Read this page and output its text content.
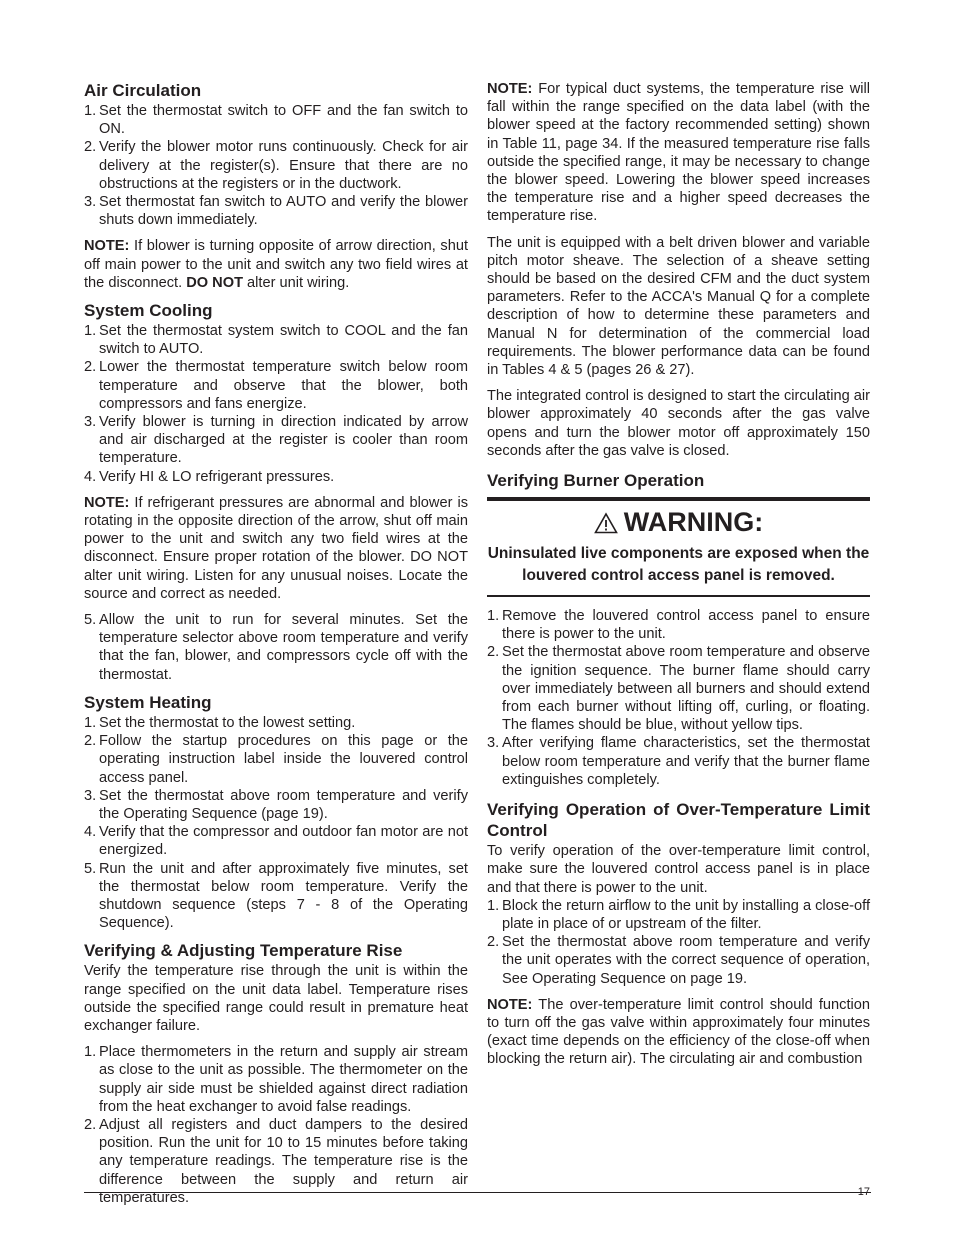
Air Circulation
1. Set the thermostat switch to OFF and the fan switch to ON.
2. Verify the blower motor runs continuously. Check for air delivery at the register(s). Ensure that there are no obstructions at the registers or in the ductwork.
3. Set thermostat fan switch to AUTO and verify the blower shuts down immediately.

NOTE: If blower is turning opposite of arrow direction, shut off main power to the unit and switch any two field wires at the disconnect. DO NOT alter unit wiring.

System Cooling
1. Set the thermostat system switch to COOL and the fan switch to AUTO.
2. Lower the thermostat temperature switch below room temperature and observe that the blower, both compressors and fans energize.
3. Verify blower is turning in direction indicated by arrow and air discharged at the register is cooler than room temperature.
4. Verify HI & LO refrigerant pressures.

NOTE: If refrigerant pressures are abnormal and blower is rotating in the opposite direction of the arrow, shut off main power to the unit and switch any two field wires at the disconnect. Ensure proper rotation of the blower. DO NOT alter unit wiring. Listen for any unusual noises. Locate the source and correct as needed.

5. Allow the unit to run for several minutes. Set the temperature selector above room temperature and verify that the fan, blower, and compressors cycle off with the thermostat.
System Heating
1. Set the thermostat to the lowest setting.
2. Follow the startup procedures on this page or the operating instruction label inside the louvered control access panel.
3. Set the thermostat above room temperature and verify the Operating Sequence (page 19).
4. Verify that the compressor and outdoor fan motor are not energized.
5. Run the unit and after approximately five minutes, set the thermostat below room temperature. Verify the shutdown sequence (steps 7 - 8 of the Operating Sequence).
Verifying & Adjusting Temperature Rise

Verify the temperature rise through the unit is within the range specified on the unit data label. Temperature rises outside the specified range could result in premature heat exchanger failure.

1. Place thermometers in the return and supply air stream as close to the unit as possible. The thermometer on the supply air side must be shielded against direct radiation from the heat exchanger to avoid false readings.
2. Adjust all registers and duct dampers to the desired position. Run the unit for 10 to 15 minutes before taking any temperature readings. The temperature rise is the difference between the supply and return air temperatures.

NOTE: For typical duct systems, the temperature rise will fall within the range specified on the data label (with the blower speed at the factory recommended setting) shown in Table 11, page 34. If the measured temperature rise falls outside the specified range, it may be necessary to change the blower speed. Lowering the blower speed increases the temperature rise and a higher speed decreases the temperature rise.

The unit is equipped with a belt driven blower and variable pitch motor sheave. The selection of a sheave setting should be based on the desired CFM and the duct system parameters. Refer to the ACCA's Manual Q for a complete description of how to determine these parameters and Manual N for determination of the commercial load requirements. The blower performance data can be found in Tables 4 & 5 (pages 26 & 27).

The integrated control is designed to start the circulating air blower approximately 40 seconds after the gas valve opens and turn the blower motor off approximately 150 seconds after the gas valve is closed.

Verifying Burner Operation
WARNING:
Uninsulated live components are exposed when the louvered control access panel is removed.
1. Remove the louvered control access panel to ensure there is power to the unit.
2. Set the thermostat above room temperature and observe the ignition sequence. The burner flame should carry over immediately between all burners and should extend from each burner without lifting off, curling, or floating. The flames should be blue, without yellow tips.
3. After verifying flame characteristics, set the thermostat below room temperature and verify that the burner flame extinguishes completely.
Verifying Operation of Over-Temperature Limit Control

To verify operation of the over-temperature limit control, make sure the louvered control access panel is in place and that there is power to the unit.

1. Block the return airflow to the unit by installing a close-off plate in place of or upstream of the filter.
2. Set the thermostat above room temperature and verify the unit operates with the correct sequence of operation, See Operating Sequence on page 19.

NOTE: The over-temperature limit control should function to turn off the gas valve within approximately four minutes (exact time depends on the efficiency of the close-off when blocking the return air). The circulating air and combustion

17
